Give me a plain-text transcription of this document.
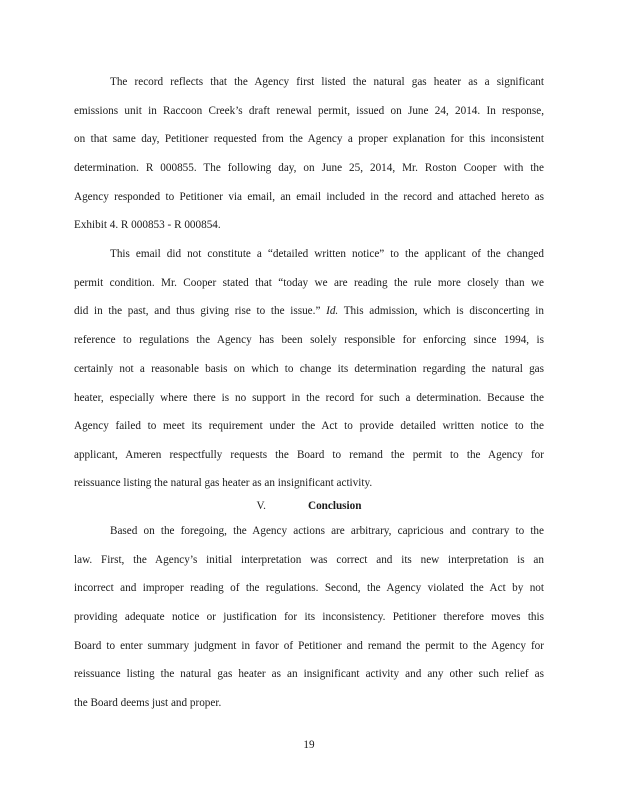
The record reflects that the Agency first listed the natural gas heater as a significant
emissions unit in Raccoon Creek’s draft renewal permit, issued on June 24, 2014. In response,
on that same day, Petitioner requested from the Agency a proper explanation for this inconsistent
determination. R 000855. The following day, on June 25, 2014, Mr. Roston Cooper with the
Agency responded to Petitioner via email, an email included in the record and attached hereto as
Exhibit 4. R 000853 - R 000854.
This email did not constitute a “detailed written notice” to the applicant of the changed
permit condition. Mr. Cooper stated that “today we are reading the rule more closely than we
did in the past, and thus giving rise to the issue.” Id. This admission, which is disconcerting in
reference to regulations the Agency has been solely responsible for enforcing since 1994, is
certainly not a reasonable basis on which to change its determination regarding the natural gas
heater, especially where there is no support in the record for such a determination. Because the
Agency failed to meet its requirement under the Act to provide detailed written notice to the
applicant, Ameren respectfully requests the Board to remand the permit to the Agency for
reissuance listing the natural gas heater as an insignificant activity.
V.	Conclusion
Based on the foregoing, the Agency actions are arbitrary, capricious and contrary to the
law. First, the Agency’s initial interpretation was correct and its new interpretation is an
incorrect and improper reading of the regulations. Second, the Agency violated the Act by not
providing adequate notice or justification for its inconsistency. Petitioner therefore moves this
Board to enter summary judgment in favor of Petitioner and remand the permit to the Agency for
reissuance listing the natural gas heater as an insignificant activity and any other such relief as
the Board deems just and proper.
19
